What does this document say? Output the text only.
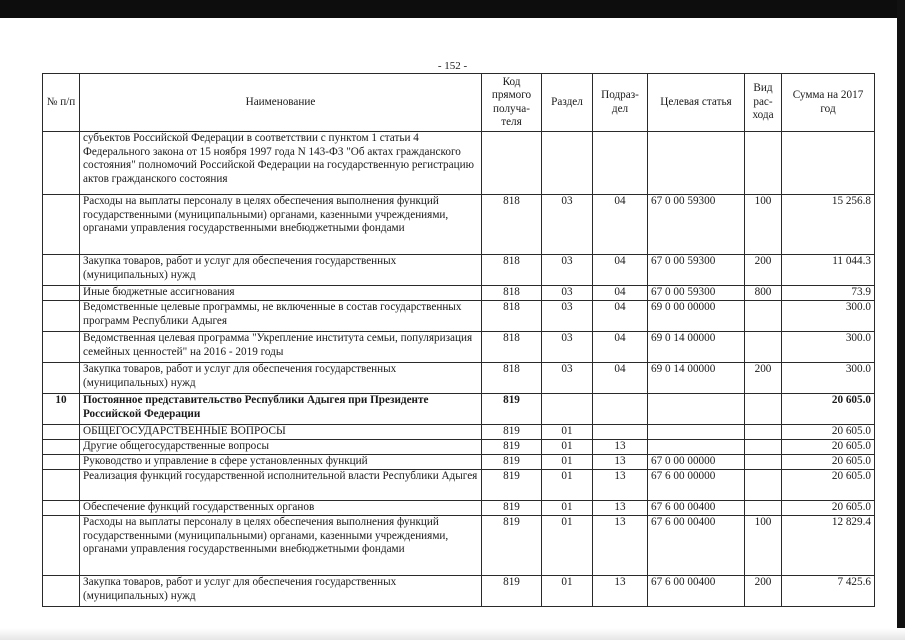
- 152 -
№ п/п	Наименование	Код прямого получа-теля	Раздел	Подраз-дел	Целевая статья	Вид рас-хода	Сумма на 2017 год
	субъектов Российской Федерации в соответствии с пунктом 1 статьи 4 Федерального закона от 15 ноября 1997 года N 143-ФЗ "Об актах гражданского состояния" полномочий Российской Федерации на государственную регистрацию актов гражданского состояния						
	Расходы на выплаты персоналу в целях обеспечения выполнения функций государственными (муниципальными) органами, казенными учреждениями, органами управления государственными внебюджетными фондами	818	03	04	67 0 00 59300	100	15 256.8
	Закупка товаров, работ и услуг для обеспечения государственных (муниципальных) нужд	818	03	04	67 0 00 59300	200	11 044.3
	Иные бюджетные ассигнования	818	03	04	67 0 00 59300	800	73.9
	Ведомственные целевые программы, не включенные в состав государственных программ Республики Адыгея	818	03	04	69 0 00 00000		300.0
	Ведомственная целевая программа "Укрепление института семьи, популяризация семейных ценностей" на 2016 - 2019 годы	818	03	04	69 0 14 00000		300.0
	Закупка товаров, работ и услуг для обеспечения государственных (муниципальных) нужд	818	03	04	69 0 14 00000	200	300.0
10	Постоянное представительство Республики Адыгея при Президенте Российской Федерации	819					20 605.0
	ОБЩЕГОСУДАРСТВЕННЫЕ ВОПРОСЫ	819	01				20 605.0
	Другие общегосударственные вопросы	819	01	13			20 605.0
	Руководство и управление в сфере установленных функций	819	01	13	67 0 00 00000		20 605.0
	Реализация функций государственной исполнительной власти Республики Адыгея	819	01	13	67 6 00 00000		20 605.0
	Обеспечение функций государственных органов	819	01	13	67 6 00 00400		20 605.0
	Расходы на выплаты персоналу в целях обеспечения выполнения функций государственными (муниципальными) органами, казенными учреждениями, органами управления государственными внебюджетными фондами	819	01	13	67 6 00 00400	100	12 829.4
	Закупка товаров, работ и услуг для обеспечения государственных (муниципальных) нужд	819	01	13	67 6 00 00400	200	7 425.6
